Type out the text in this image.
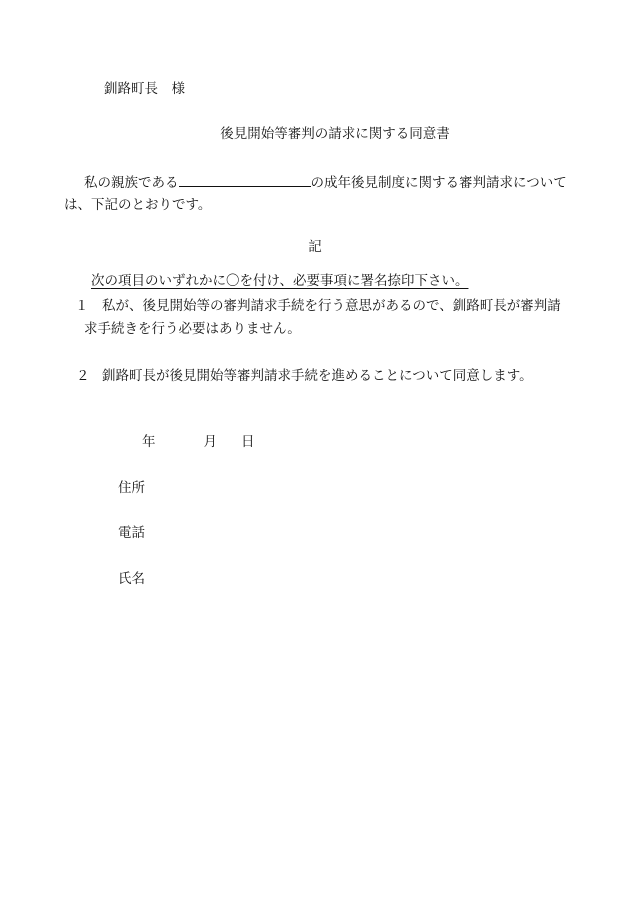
釧路町長　様
後見開始等審判の請求に関する同意書
私の親族である	の成年後見制度に関する審判請求について
は、下記のとおりです。
記
次の項目のいずれかに〇を付け、必要事項に署名捺印下さい。
１ 私が、後見開始等の審判請求手続を行う意思があるので、釧路町長が審判請
求手続きを行う必要はありません。
２ 釧路町長が後見開始等審判請求手続を進めることについて同意します。
年	月 日
住所
電話
氏名
